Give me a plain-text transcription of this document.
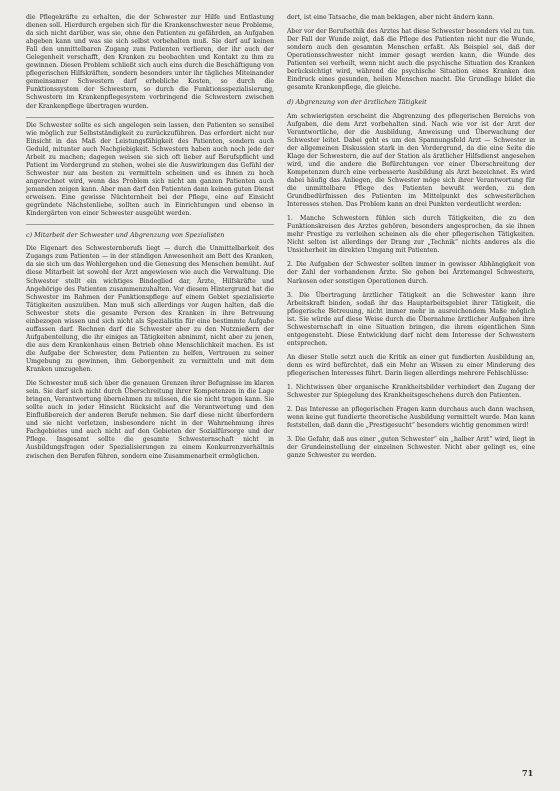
die Pflegekräfte zu erhalten, die der Schwester zur Hilfe und Entlastung dienen soll. Hierdurch ergeben sich für die Krankenschwester neue Probleme, da sich nicht darüber, was sie, ohne den Patienten zu gefährden, an Aufgaben abgeben kann und was sie sich selbst vorbehalten muß. Sie darf auf keinen Fall den unmittelbaren Zugang zum Patienten verlieren, der ihr auch der Gelegenheit verschafft, den Kranken zu beobachten und Kontakt zu ihm zu gewinnen. Diesen Problem schließt sich auch eins durch die Beschäftigung von pflegerischen Hilfskräften, sondern besonders unter ihr tägliches Miteinander gemeinsamer Schwestern darf erhebliche Kosten, so durch die Funktionssystem der Schwestern, so durch die Funktionsspezialisierung, Schwestern im Krankenpflegesystem vorbringend die Schwestern zwischen der Krankenpflege übertragen wurden.

Die Schwester sollte es sich angelegen sein lassen, den Patienten so sensibel wie möglich zur Selbstständigkeit zu zurückzuführen. Das erfordert nicht nur Einsicht in das Maß der Leistungsfähigkeit des Patienten, sondern auch Geduld, mitunter auch Nachgiebigkeit. Schwestern haben auch noch jede der Arbeit zu machen; dagegen weisen sie sich oft lieber auf Berufspflicht und Patient im Vordergrund zu stehen, wobei sie die Auswirkungen das Gefühl der Schwester nur am besten zu vermitteln scheinen und es ihnen zu hoch angerechnet wird, wenn das Problem sich nicht am ganzen Patienten auch jemanden zeigen kann. Aber man darf den Patienten dann keinen guten Dienst erweisen. Eine gewisse Nüchternheit bei der Pflege, eine auf Einsicht gegründete Nächstenliebe, sollten auch in Einrichtungen und ebenso in Kindergärten von einer Schwester ausgeübt werden.

c) Mitarbeit der Schwester und Abgrenzung von Spezialisten

Die Eigenart des Schwesternberufs liegt — durch die Unmittelbarkeit des Zugangs zum Patienten — in der ständigen Anwesenheit am Bett des Kranken, da sie sich um das Wohlergehen und die Genesung des Menschen bemüht. Auf diese Mitarbeit ist sowohl der Arzt angewiesen wie auch die Verwaltung. Die Schwester stellt ein wichtiges Bindeglied dar, Ärzte, Hilfskräfte und Angehörige des Patienten zusammenzuhalten. Vor diesem Hintergrund hat die Schwester im Rahmen der Funktionspflege auf einem Gebiet spezialisierte Tätigkeiten auszuüben. Man muß sich allerdings vor Augen halten, daß die Schwester stets die gesamte Person des Kranken in ihre Betreuung einbezogen wissen und sich nicht als Spezialistin für eine bestimmte Aufgabe auffassen darf. Rechnen darf die Schwester aber zu den Nutznießern der Aufgabenteilung, die ihr einiges an Tätigkeiten abnimmt, nicht aber zu jenen, die aus dem Krankenhaus einen Betrieb ohne Menschlichkeit machen. Es ist die Aufgabe der Schwester, dem Patienten zu helfen, Vertrauen zu seiner Umgebung zu gewinnen, ihm Geborgenheit zu vermitteln und mit dem Kranken umzugehen.

Die Schwester muß sich über die genauen Grenzen ihrer Befugnisse im klaren sein. Sie darf sich nicht durch Überschreitung ihrer Kompetenzen in die Lage bringen, Verantwortung übernehmen zu müssen, die sie nicht tragen kann. Sie sollte auch in jeder Hinsicht Rücksicht auf die Verantwortung und den Einflußbereich der anderen Berufe nehmen. Sie darf diese nicht überfordern und sie nicht verletzen, insbesondere nicht in der Wahrnehmung ihres Fachgebietes und auch nicht auf den Gebieten der Sozialfürsorge und der Pflege. Insgesamt sollte die gesamte Schwesternschaft nicht in Ausbildungsfragen oder Spezialisierungen zu einem Konkurrenzverhältnis zwischen den Berufen führen, sondern eine Zusammenarbeit ermöglichen.

dert, ist eine Tatsache, die man beklagen, aber nicht ändern kann.

Aber vor der Berufsethik des Arztes hat diese Schwester besonders viel zu tun. Der Fall der Wunde zeigt, daß die Pflege des Patienten nicht nur die Wunde, sondern auch den gesamten Menschen erfaßt. Als Beispiel sei, daß der Operationsschwester nicht immer gesagt werden kann, die Wunde des Patienten sei verheilt, wenn nicht auch die psychische Situation des Kranken berücksichtigt wird, während die psychische Situation eines Kranken den Eindruck eines gesunden, heilen Menschen macht. Die Grundlage bildet die gesamte Krankenpflege, die gleiche.

d) Abgrenzung von der ärztlichen Tätigkeit

Am schwierigsten erscheint die Abgrenzung des pflegerischen Bereichs von Aufgaben, die dem Arzt vorbehalten sind. Nach wie vor ist der Arzt der Verantwortliche, der die Ausbildung, Anweisung und Überwachung der Schwester leitet. Dabei geht es um den Spannungsfeld Arzt — Schwester in der allgemeinen Diskussion stark in den Vordergrund, da die eine Seite die Klage der Schwestern, die auf der Station als ärztlicher Hilfsdienst angesehen wird, und die andere die Befürchtungen vor einer Überschreitung der Kompetenzen durch eine verbesserte Ausbildung als Arzt bezeichnet. Es wird dabei häufig das Anliegen, die Schwester möge sich ihrer Verantwortung für die unmittelbare Pflege des Patienten bewußt werden, zu den Grundbedürfnissen des Patienten im Mittelpunkt des schwesterlichen Interesses stehen. Das Problem kann an drei Punkten verdeutlicht werden:

1. Manche Schwestern fühlen sich durch Tätigkeiten, die zu den Funktionskreisen des Arztes gehören, besonders angesprochen, da sie ihnen mehr Prestige zu verleihen scheinen als die eher pflegerischen Tätigkeiten. Nicht selten ist allerdings der Drang zur „Technik“ nichts anderes als die Unsicherheit im direkten Umgang mit Patienten.
2. Die Aufgaben der Schwester sollten immer in gewisser Abhängigkeit von der Zahl der vorhandenen Ärzte. Sie gehen bei Ärztemangel Schwestern, Narkosen oder sonstigen Operationen durch.
3. Die Übertragung ärztlicher Tätigkeit an die Schwester kann ihre Arbeitskraft binden, sodaß ihr das Hauptarbeitsgebiet ihrer Tätigkeit, die pflegerische Betreuung, nicht immer mehr in ausreichendem Maße möglich ist. Sie würde auf diese Weise durch die Übernahme ärztlicher Aufgaben ihre Schwesternschaft in eine Situation bringen, die ihrem eigentlichen Sinn entgegensteht. Diese Entwicklung darf nicht dem Interesse der Schwestern entsprechen.

An dieser Stelle setzt auch die Kritik an einer gut fundierten Ausbildung an, denn es wird befürchtet, daß ein Mehr an Wissen zu einer Minderung des pflegerischen Interesses führt. Darin liegen allerdings mehrere Fehlschlüsse:

1. Nichtwissen über organische Krankheitsbilder verhindert den Zugang der Schwester zur Spiegelung des Krankheitsgeschehens durch den Patienten.
2. Das Interesse an pflegerischen Fragen kann durchaus auch dann wachsen, wenn keine gut fundierte theoretische Ausbildung vermittelt wurde. Man kann feststellen, daß dann die „Prestigesucht“ besonders wichtig genommen wird!
3. Die Gefahr, daß aus einer „guten Schwester“ ein „halber Arzt“ wird, liegt in der Grundeinstellung der einzelnen Schwester. Nicht aber gelingt es, eine ganze Schwester zu werden.
71
